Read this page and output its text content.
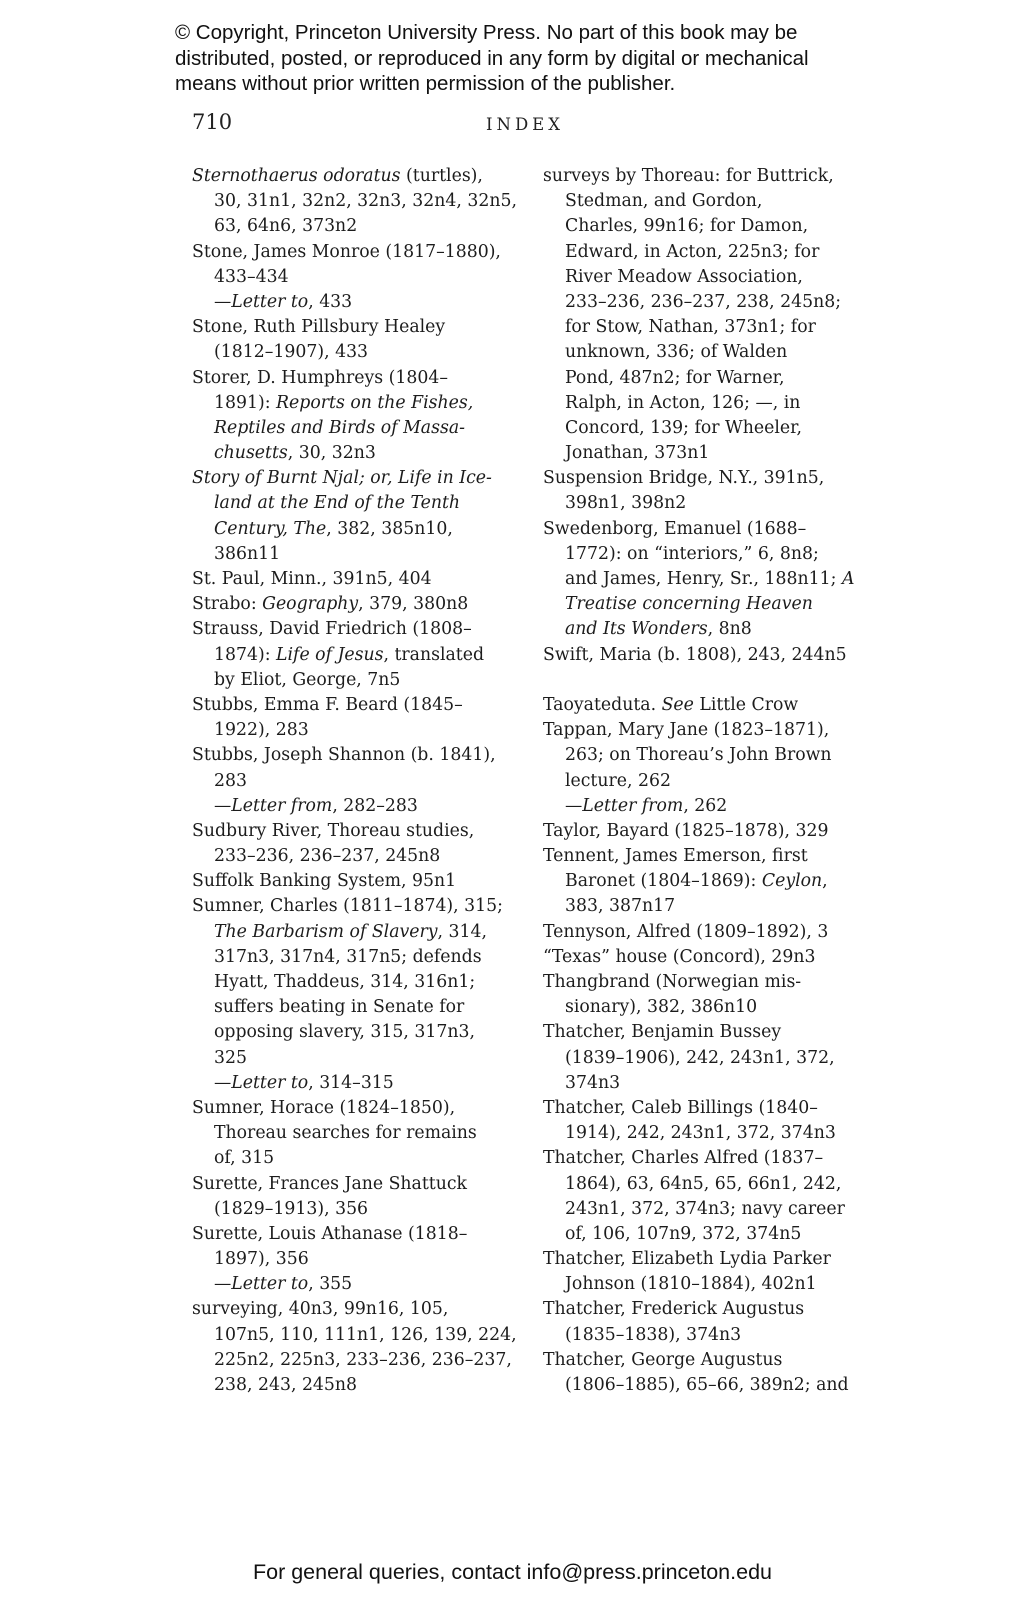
© Copyright, Princeton University Press. No part of this book may be
distributed, posted, or reproduced in any form by digital or mechanical
means without prior written permission of the publisher.
710	INDEX
Sternothaerus odoratus (turtles),
30, 31n1, 32n2, 32n3, 32n4, 32n5,
63, 64n6, 373n2
Stone, James Monroe (1817–1880),
433–434
—Letter to, 433
Stone, Ruth Pillsbury Healey
(1812–1907), 433
Storer, D. Humphreys (1804–
1891): Reports on the Fishes,
Reptiles and Birds of Massa-
chusetts, 30, 32n3
Story of Burnt Njal; or, Life in Ice-
land at the End of the Tenth
Century, The, 382, 385n10,
386n11
St. Paul, Minn., 391n5, 404
Strabo: Geography, 379, 380n8
Strauss, David Friedrich (1808–
1874): Life of Jesus, translated
by Eliot, George, 7n5
Stubbs, Emma F. Beard (1845–
1922), 283
Stubbs, Joseph Shannon (b. 1841),
283
—Letter from, 282–283
Sudbury River, Thoreau studies,
233–236, 236–237, 245n8
Suffolk Banking System, 95n1
Sumner, Charles (1811–1874), 315;
The Barbarism of Slavery, 314,
317n3, 317n4, 317n5; defends
Hyatt, Thaddeus, 314, 316n1;
suffers beating in Senate for
opposing slavery, 315, 317n3,
325
—Letter to, 314–315
Sumner, Horace (1824–1850),
Thoreau searches for remains
of, 315
Surette, Frances Jane Shattuck
(1829–1913), 356
Surette, Louis Athanase (1818–
1897), 356
—Letter to, 355
surveying, 40n3, 99n16, 105,
107n5, 110, 111n1, 126, 139, 224,
225n2, 225n3, 233–236, 236–237,
238, 243, 245n8
surveys by Thoreau: for Buttrick,
Stedman, and Gordon,
Charles, 99n16; for Damon,
Edward, in Acton, 225n3; for
River Meadow Association,
233–236, 236–237, 238, 245n8;
for Stow, Nathan, 373n1; for
unknown, 336; of Walden
Pond, 487n2; for Warner,
Ralph, in Acton, 126; —, in
Concord, 139; for Wheeler,
Jonathan, 373n1
Suspension Bridge, N.Y., 391n5,
398n1, 398n2
Swedenborg, Emanuel (1688–
1772): on “interiors,” 6, 8n8;
and James, Henry, Sr., 188n11; A
Treatise concerning Heaven
and Its Wonders, 8n8
Swift, Maria (b. 1808), 243, 244n5
Taoyateduta. See Little Crow
Tappan, Mary Jane (1823–1871),
263; on Thoreau’s John Brown
lecture, 262
—Letter from, 262
Taylor, Bayard (1825–1878), 329
Tennent, James Emerson, first
Baronet (1804–1869): Ceylon,
383, 387n17
Tennyson, Alfred (1809–1892), 3
“Texas” house (Concord), 29n3
Thangbrand (Norwegian mis-
sionary), 382, 386n10
Thatcher, Benjamin Bussey
(1839–1906), 242, 243n1, 372,
374n3
Thatcher, Caleb Billings (1840–
1914), 242, 243n1, 372, 374n3
Thatcher, Charles Alfred (1837–
1864), 63, 64n5, 65, 66n1, 242,
243n1, 372, 374n3; navy career
of, 106, 107n9, 372, 374n5
Thatcher, Elizabeth Lydia Parker
Johnson (1810–1884), 402n1
Thatcher, Frederick Augustus
(1835–1838), 374n3
Thatcher, George Augustus
(1806–1885), 65–66, 389n2; and
For general queries, contact info@press.princeton.edu
